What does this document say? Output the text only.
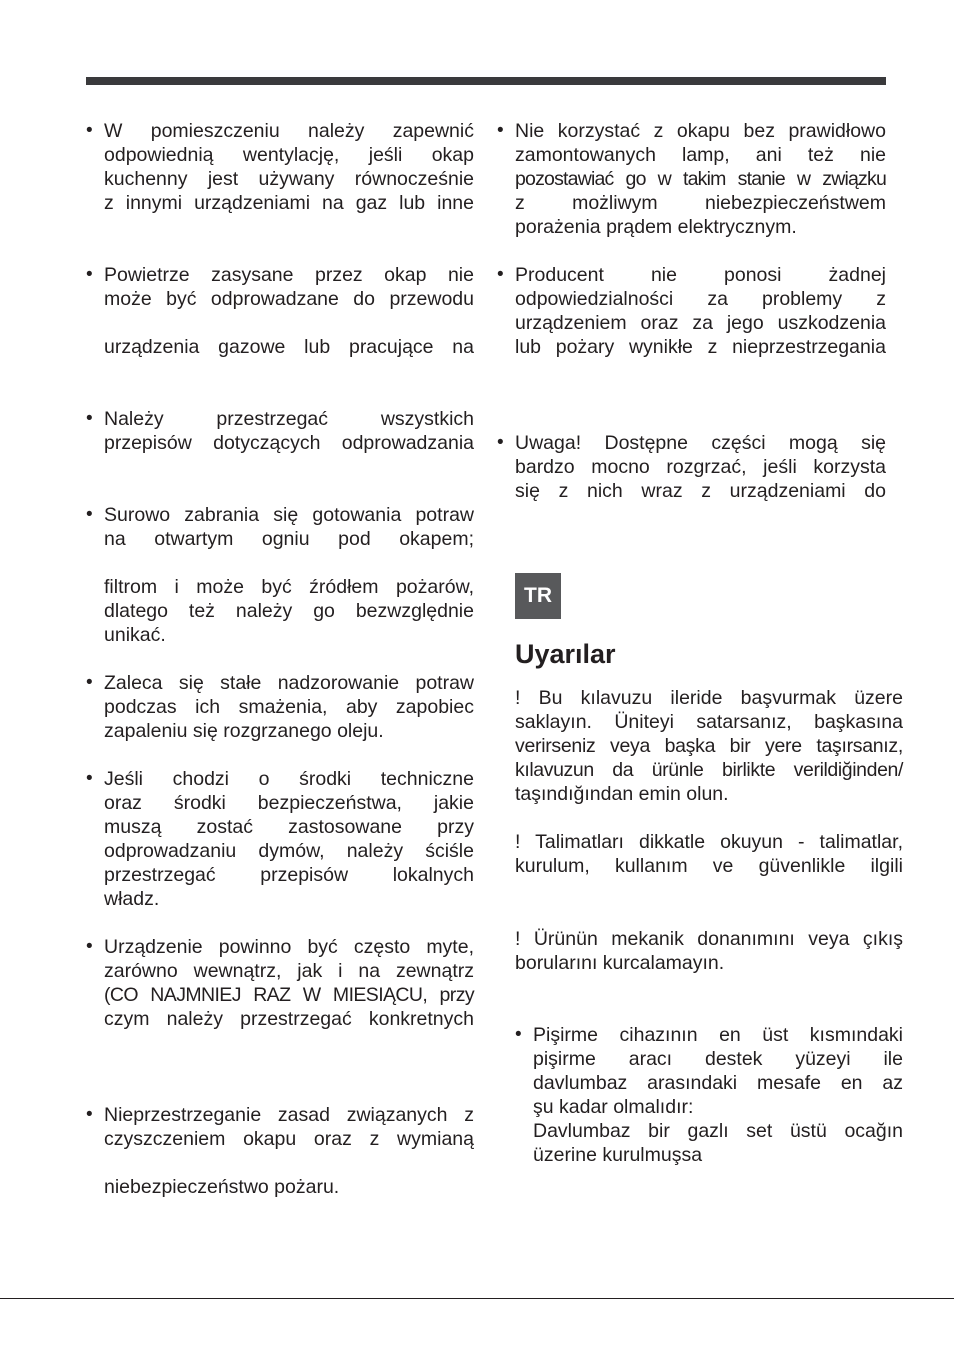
• W pomieszczeniu należy zapewnić
odpowiednią wentylację, jeśli okap
kuchenny jest używany równocześnie
z innymi urządzeniami na gaz lub inne
• Powietrze zasysane przez okap nie
może być odprowadzane do przewodu
urządzenia gazowe lub pracujące na
• Należy przestrzegać wszystkich
przepisów dotyczących odprowadzania
• Surowo zabrania się gotowania potraw
na otwartym ogniu pod okapem;
filtrom i może być źródłem pożarów,
dlatego też należy go bezwzględnie
unikać.
• Zaleca się stałe nadzorowanie potraw
podczas ich smażenia, aby zapobiec
zapaleniu się rozgrzanego oleju.
• Jeśli chodzi o środki techniczne
oraz środki bezpieczeństwa, jakie
muszą zostać zastosowane przy
odprowadzaniu dymów, należy ściśle
przestrzegać przepisów lokalnych
władz.
• Urządzenie powinno być często myte,
zarówno wewnątrz, jak i na zewnątrz
(CO NAJMNIEJ RAZ W MIESIĄCU, przy
czym należy przestrzegać konkretnych
• Nieprzestrzeganie zasad związanych z
czyszczeniem okapu oraz z wymianą
niebezpieczeństwo pożaru.
• Nie korzystać z okapu bez prawidłowo
zamontowanych lamp, ani też nie
pozostawiać go w takim stanie w związku
z możliwym niebezpieczeństwem
porażenia prądem elektrycznym.
• Producent nie ponosi żadnej
odpowiedzialności za problemy z
urządzeniem oraz za jego uszkodzenia
lub pożary wynikłe z nieprzestrzegania
• Uwaga! Dostępne części mogą się
bardzo mocno rozgrzać, jeśli korzysta
się z nich wraz z urządzeniami do
TR
Uyarılar
! Bu kılavuzu ileride başvurmak üzere
saklayın. Üniteyi satarsanız, başkasına
verirseniz veya başka bir yere taşırsanız,
kılavuzun da ürünle birlikte verildiğinden/
taşındığından emin olun.
! Talimatları dikkatle okuyun - talimatlar,
kurulum, kullanım ve güvenlikle ilgili
! Ürünün mekanik donanımını veya çıkış
borularını kurcalamayın.
• Pişirme cihazının en üst kısmındaki
pişirme aracı destek yüzeyi ile
davlumbaz arasındaki mesafe en az
şu kadar olmalıdır:
Davlumbaz bir gazlı set üstü ocağın
üzerine kurulmuşsa
